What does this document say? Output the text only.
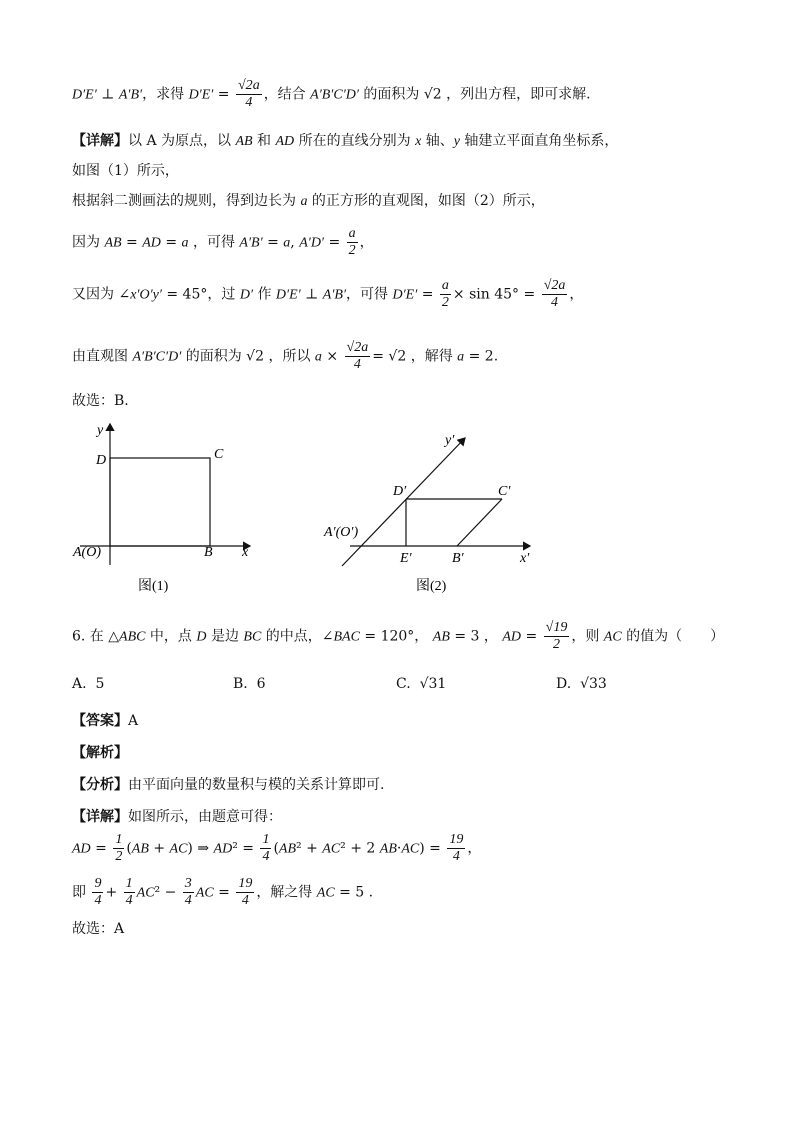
D′E′ ⊥ A′B′，求得 $D'E' = \frac{√2a}{4}$ ，结合 A′B′C′D′ 的面积为 √2 ，列出方程，即可求解.
【详解】以 A 为原点，以 AB 和 AD 所在的直线分别为 x 轴、y 轴建立平面直角坐标系，
如图（1）所示，
根据斜二测画法的规则，得到边长为 a 的正方形的直观图，如图（2）所示，
因为 AB = AD = a ，可得 A′B′ = a, $A'D' = \frac{a}{2}$ ，
又因为 ∠x′O′y′ = 45°，过 D′ 作 D′E′ ⊥ A′B′，可得 $D'E' = \frac{a}{2} \times \sin 45^\circ = \frac{√2a}{4}$ ，
由直观图 A′B′C′D′ 的面积为 √2 ，所以 $a \times \frac{√2a}{4} = √2$ ，解得 a = 2.
故选：B.
y
D	C
A(O)	B x
图(1)
y′
D′	C′
A′(O′)
E′	B′	x′
图(2)
6. 在 △ABC 中，点 D 是边 BC 的中点，∠BAC = 120°， AB = 3 ， AD = $\frac{√19}{2}$ ，则 AC 的值为（　　）
A. 5	B. 6	C. √31	D. √33
【答案】A
【解析】
【分析】由平面向量的数量积与模的关系计算即可.
【详解】如图所示，由题意可得：
AD = $\frac{1}{2} (AB + AC)$ ⇒ $AD^2 = \frac{1}{4} (AB^2 + AC^2 + 2$ $AB\cdot AC) = \frac{19}{4}$ ，
即 $\frac{9}{4} + \frac{1}{4} AC^2 - \frac{3}{4}$ AC = $\frac{19}{4}$ ，解之得 AC = 5 .
故选：A
